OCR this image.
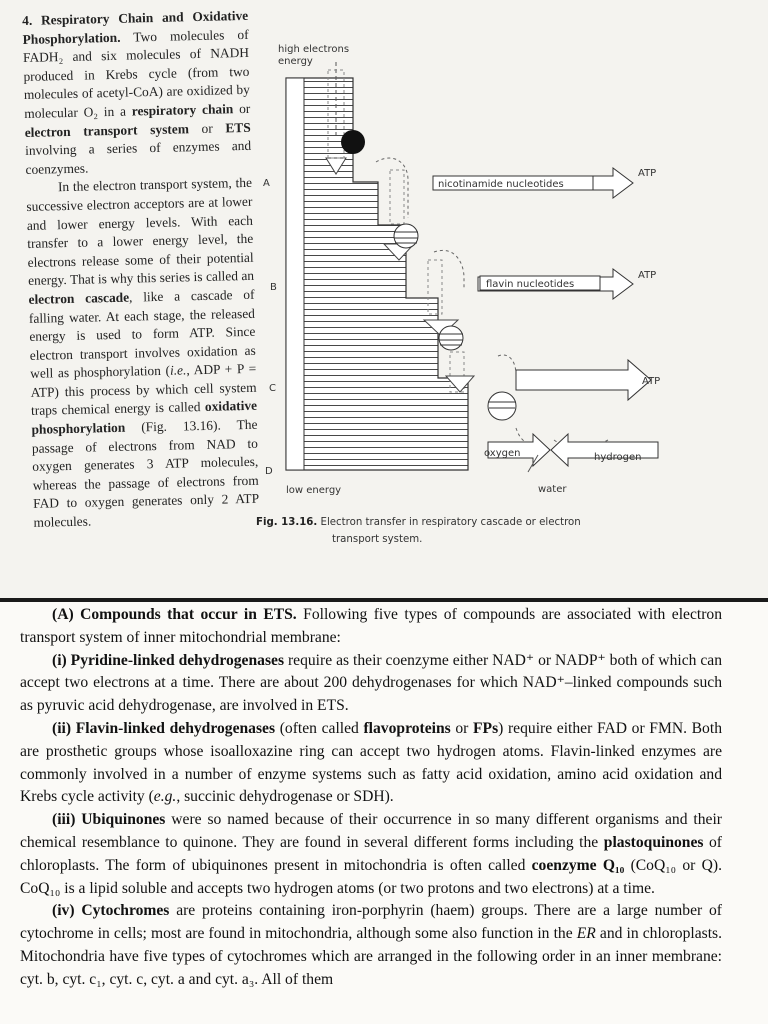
4. Respiratory Chain and Oxidative Phosphorylation. Two molecules of FADH₂ and six molecules of NADH produced in Krebs cycle (from two molecules of acetyl-CoA) are oxidized by molecular O₂ in a respiratory chain or electron transport system or ETS involving a series of enzymes and coenzymes.

In the electron transport system, the successive electron acceptors are at lower and lower energy levels. With each transfer to a lower energy level, the electrons release some of their potential energy. That is why this series is called an electron cascade, like a cascade of falling water. At each stage, the released energy is used to form ATP. Since electron transport involves oxidation as well as phosphorylation (i.e., ADP + P = ATP) this process by which cell system traps chemical energy is called oxidative phosphorylation (Fig. 13.16). The passage of electrons from NAD to oxygen generates 3 ATP molecules, whereas the passage of electrons from FAD to oxygen generates only 2 ATP molecules.

high electrons
energy
A
B
C
D
low energy
nicotinamide nucleotides
flavin nucleotides
ATP
ATP
ATP
oxygen	hydrogen
water
Fig. 13.16. Electron transfer in respiratory cascade or electron
transport system.

(A) Compounds that occur in ETS. Following five types of compounds are associated with electron transport system of inner mitochondrial membrane:

(i) Pyridine-linked dehydrogenases require as their coenzyme either NAD⁺ or NADP⁺ both of which can accept two electrons at a time. There are about 200 dehydrogenases for which NAD⁺–linked compounds such as pyruvic acid dehydrogenase, are involved in ETS.

(ii) Flavin-linked dehydrogenases (often called flavoproteins or FPs) require either FAD or FMN. Both are prosthetic groups whose isoalloxazine ring can accept two hydrogen atoms. Flavin-linked enzymes are commonly involved in a number of enzyme systems such as fatty acid oxidation, amino acid oxidation and Krebs cycle activity (e.g., succinic dehydrogenase or SDH).

(iii) Ubiquinones were so named because of their occurrence in so many different organisms and their chemical resemblance to quinone. They are found in several different forms including the plastoquinones of chloroplasts. The form of ubiquinones present in mitochondria is often called coenzyme Q₁₀ (CoQ₁₀ or Q). CoQ₁₀ is a lipid soluble and accepts two hydrogen atoms (or two protons and two electrons) at a time.

(iv) Cytochromes are proteins containing iron-porphyrin (haem) groups. There are a large number of cytochrome in cells; most are found in mitochondria, although some also function in the ER and in chloroplasts. Mitochondria have five types of cytochromes which are arranged in the following order in an inner membrane: cyt. b, cyt. c₁, cyt. c, cyt. a and cyt. a₃. All of them
